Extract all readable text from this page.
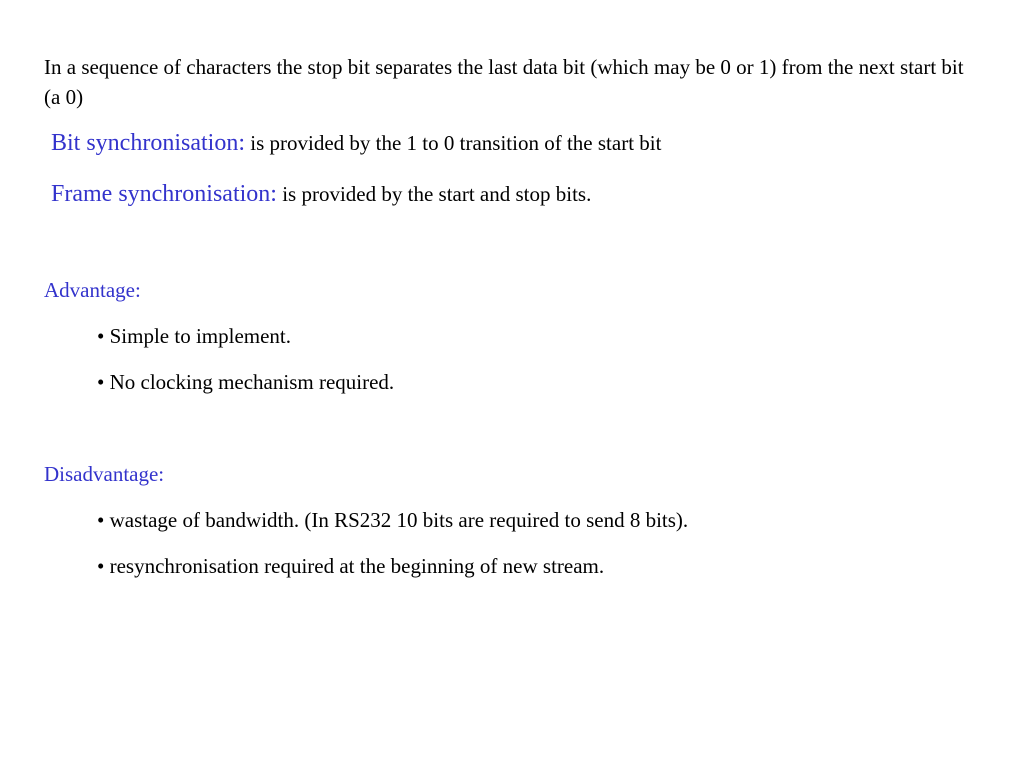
In a sequence of characters the stop bit separates the last data bit (which may be 0 or 1) from the next start bit (a 0)
Bit synchronisation: is provided by the 1 to 0 transition of the start bit
Frame synchronisation: is provided by the start and stop bits.
Advantage:
• Simple to implement.
• No clocking mechanism required.
Disadvantage:
• wastage of bandwidth. (In RS232 10 bits are required to send 8 bits).
• resynchronisation required at the beginning of new stream.
